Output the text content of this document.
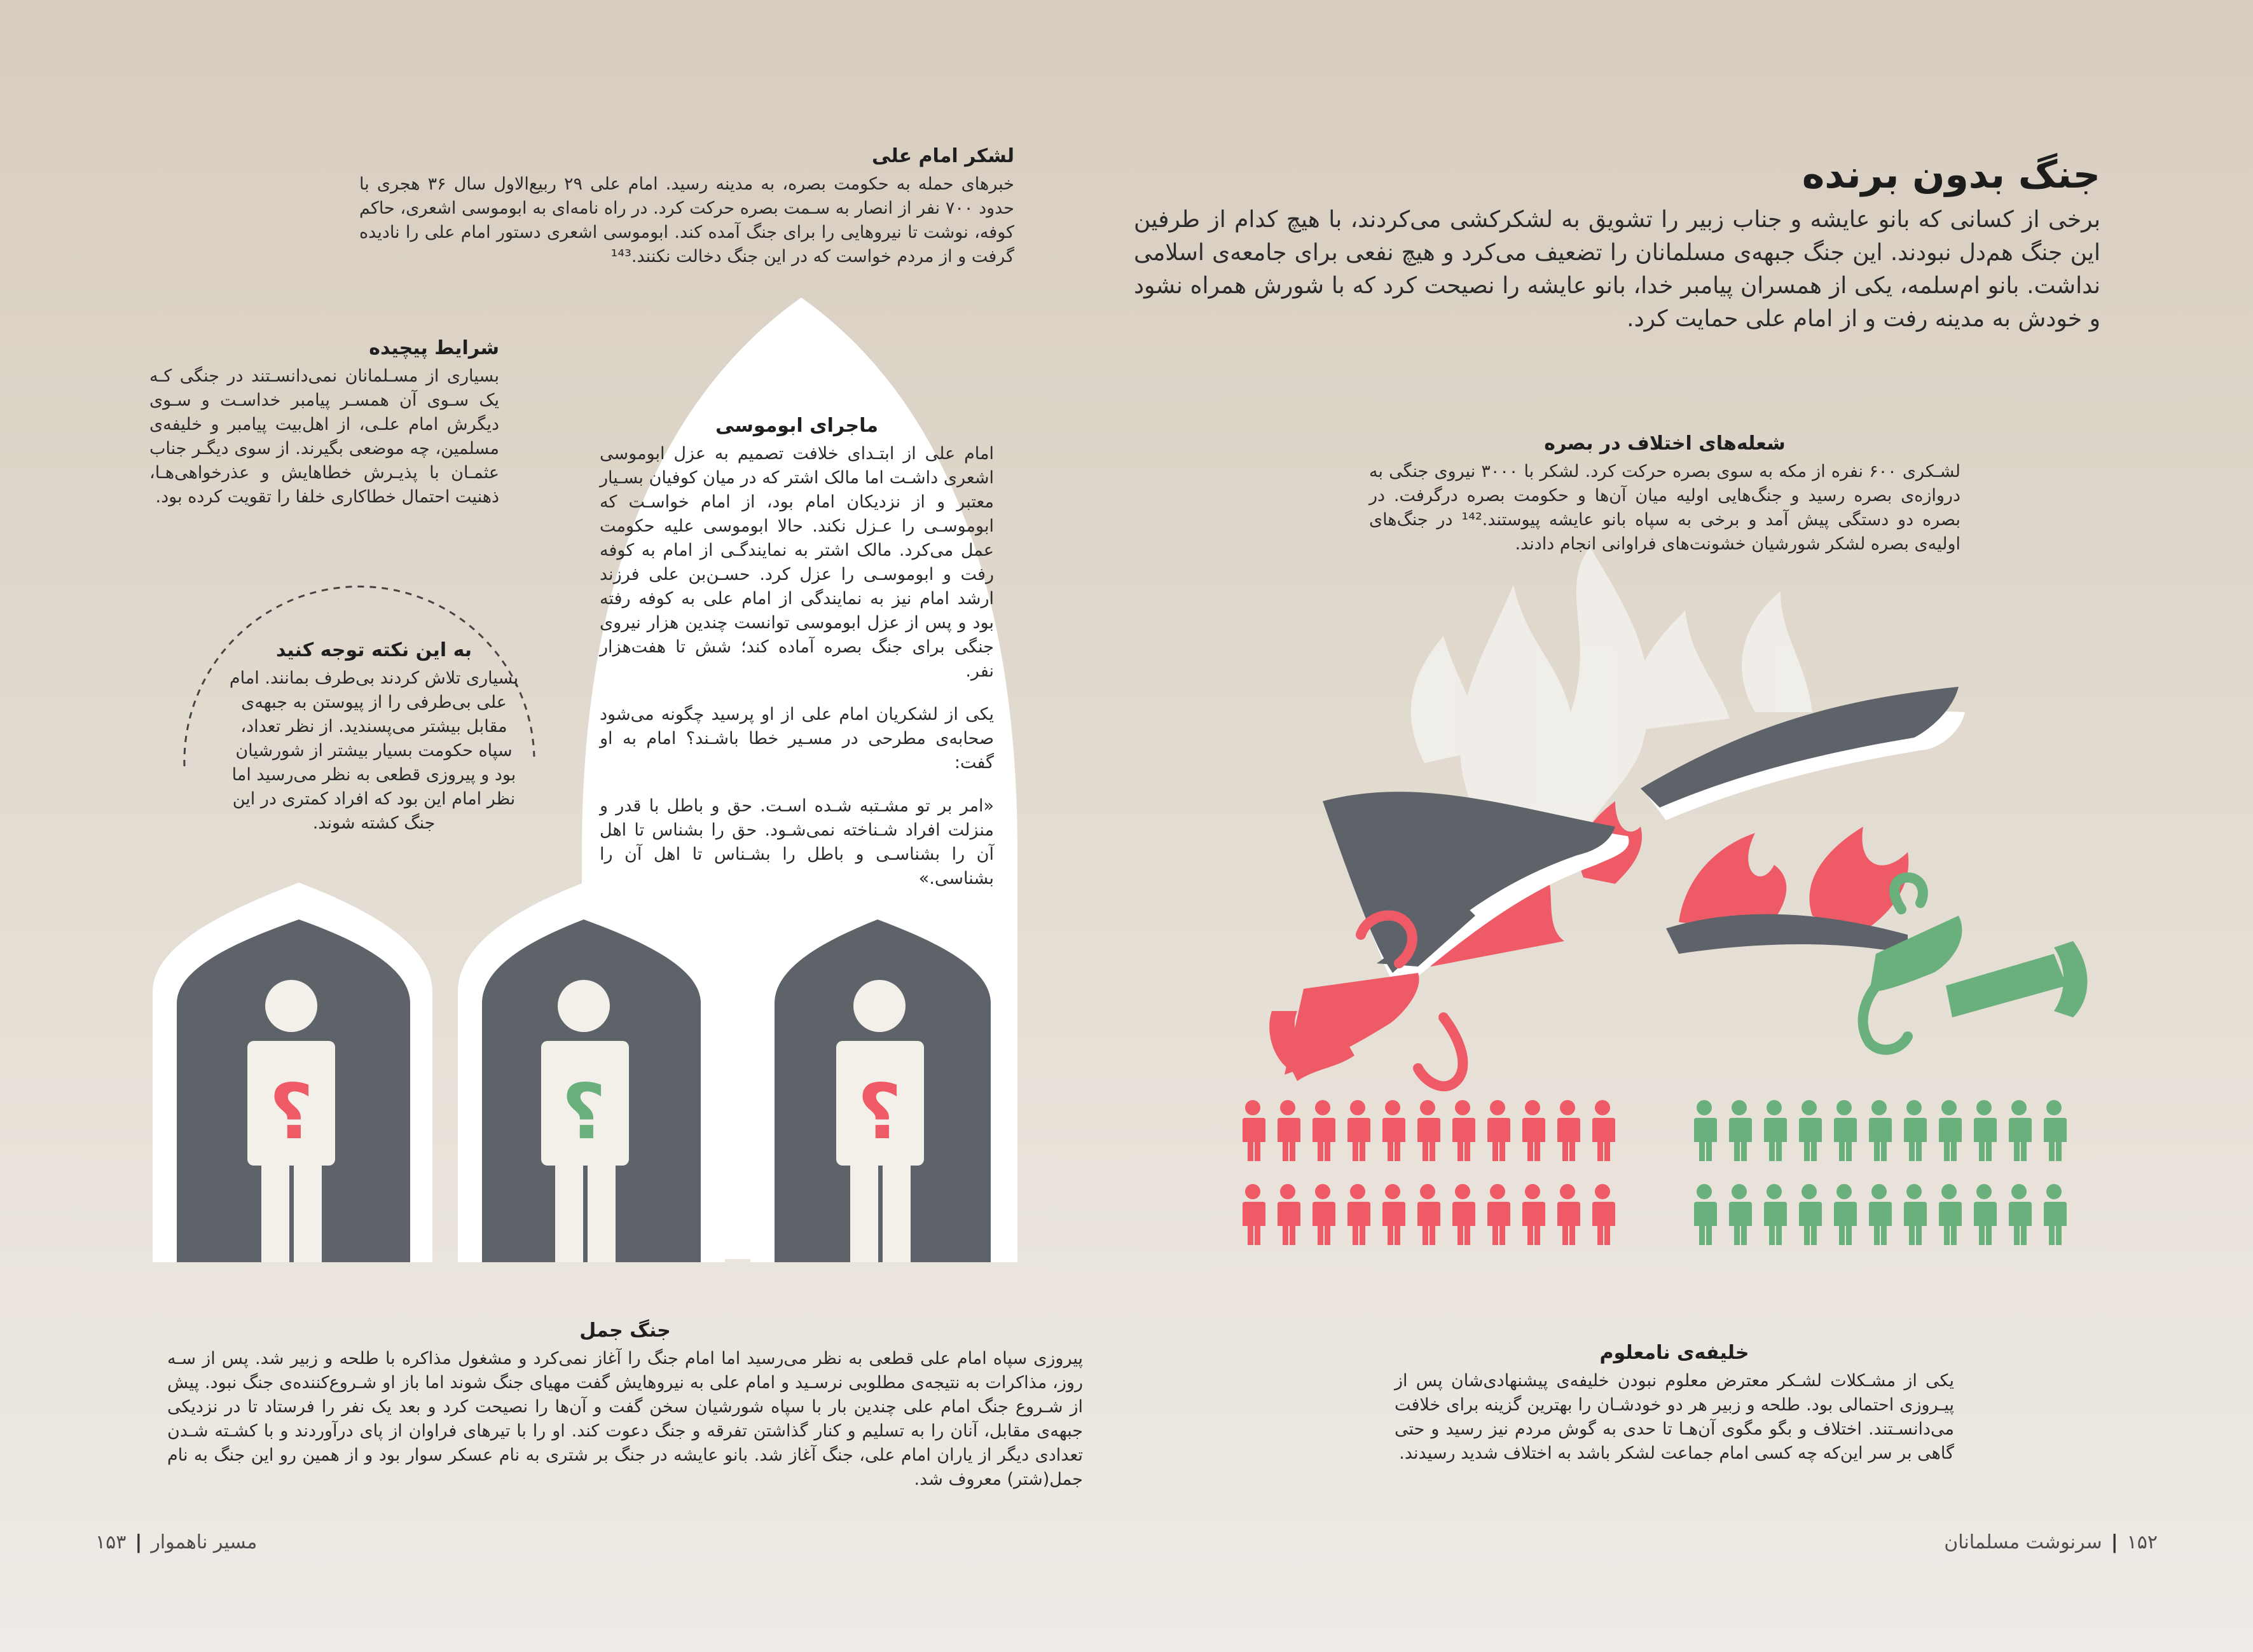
؟	؟	؟
جنگ بدون برنده

برخی از کسانی که بانو عایشه و جناب زبیر را تشویق به لشکرکشی می‌کردند، با هیچ کدام از طرفین این جنگ هم‌دل نبودند. این جنگ جبهه‌ی مسلمانان را تضعیف می‌کرد و هیچ نفعی برای جامعه‌ی اسلامی نداشت. بانو ام‌سلمه، یکی از همسران پیامبر خدا، بانو عایشه را نصیحت کرد که با شورش همراه نشود و خودش به مدینه رفت و از امام علی حمایت کرد.

شعله‌های اختلاف در بصره

لشـکری ۶۰۰ نفره از مکه به سوی بصره حرکت کرد. لشکر با ۳۰۰۰ نیروی جنگی به دروازه‌ی بصره رسید و جنگ‌هایی اولیه میان آن‌ها و حکومت بصره درگرفت. در بصره دو دستگی پیش آمد و برخی به سپاه بانو عایشه پیوستند.¹⁴² در جنگ‌های اولیه‌ی بصره لشکر شورشیان خشونت‌های فراوانی انجام دادند.

لشکر امام علی

خبرهای حمله به حکومت بصره، به مدینه رسید. امام علی ۲۹ ربیع‌الاول سال ۳۶ هجری با حدود ۷۰۰ نفر از انصار به سـمت بصره حرکت کرد. در راه نامه‌ای به ابوموسی اشعری، حاکم کوفه، نوشت تا نیروهایی را برای جنگ آمده کند. ابوموسی اشعری دستور امام علی را نادیده گرفت و از مردم خواست که در این جنگ دخالت نکنند.¹⁴³

شرایط پیچیده

بسیاری از مسـلمانان نمی‌دانسـتند در جنگی کـه یک سـوی آن همسـر پیامبر خداسـت و سـوی دیگرش امام علـی، از اهل‌بیت پیامبر و خلیفه‌ی مسلمین، چه موضعی بگیرند. از سوی دیگـر جناب عثمـان با پذیـرش خطاهایش و عذرخواهی‌هـا، ذهنیت احتمال خطاکاری خلفا را تقویت کرده بود.

ماجرای ابوموسی

امام علی از ابتـدای خلافت تصمیم به عزل ابوموسی اشعری داشـت اما مالک اشتر که در میان کوفیان بسـیار معتبر و از نزدیکان امام بود، از امام خواسـت که ابوموسـی را عـزل نکند. حالا ابوموسی علیه حکومت عمل می‌کرد. مالک اشتر به نمایندگـی از امام به کوفه رفت و ابوموسـی را عزل کرد. حسـن‌بن علی فرزند ارشد امام نیز به نمایندگی از امام علی به کوفه رفته بود و پس از عزل ابوموسی توانست چندین هزار نیروی جنگی برای جنگ بصره آماده کند؛ شش تا هفت‌هزار نفر.

یکی از لشکریان امام علی از او پرسید چگونه می‌شود صحابه‌ی مطرحی در مسـیر خطا باشـند؟ امام به او گفت:

«امر بر تو مشـتبه شـده اسـت. حق و باطل با قدر و منزلت افراد شـناخته نمی‌شـود. حق را بشناس تا اهل آن را بشناسـی و باطل را بشـناس تا اهل آن را بشناسی.»

به این نکته توجه کنید

بسیاری تلاش کردند بی‌طرف بمانند. امام علی بی‌طرفی را از پیوستن به جبهه‌ی مقابل بیشتر می‌پسندید. از نظر تعداد، سپاه حکومت بسیار بیشتر از شورشیان بود و پیروزی قطعی به نظر می‌رسید اما نظر امام این بود که افراد کمتری در این جنگ کشته شوند.

جنگ جمل

پیروزی سپاه امام علی قطعی به نظر می‌رسید اما امام جنگ را آغاز نمی‌کرد و مشغول مذاکره با طلحه و زبیر شد. پس از سـه روز، مذاکرات به نتیجه‌ی مطلوبی نرسـید و امام علی به نیروهایش گفت مهیای جنگ شوند اما باز او شـروع‌کننده‌ی جنگ نبود. پیش از شـروع جنگ امام علی چندین بار با سپاه شورشیان سخن گفت و آن‌ها را نصیحت کرد و بعد یک نفر را فرستاد تا در نزدیکی جبهه‌ی مقابل، آنان را به تسلیم و کنار گذاشتن تفرقه و جنگ دعوت کند. او را با تیرهای فراوان از پای درآوردند و با کشـته شـدن تعدادی دیگر از یاران امام علی، جنگ آغاز شد. بانو عایشه در جنگ بر شتری به نام عسکر سوار بود و از همین رو این جنگ به نام جمل(شتر) معروف شد.

خلیفه‌ی نامعلوم

یکی از مشـکلات لشـکر معترض معلوم نبودن خلیفه‌ی پیشنهادی‌شان پس از پیـروزی احتمالی بود. طلحه و زبیر هر دو خودشـان را بهترین گزینه برای خلافت می‌دانسـتند. اختلاف و بگو مگوی آن‌هـا تا حدی به گوش مردم نیز رسید و حتی گاهی بر سر این‌که چه کسی امام جماعت لشکر باشد به اختلاف شدید رسیدند.

۱۵۲|سرنوشت مسلمانان
مسیر ناهموار|۱۵۳
